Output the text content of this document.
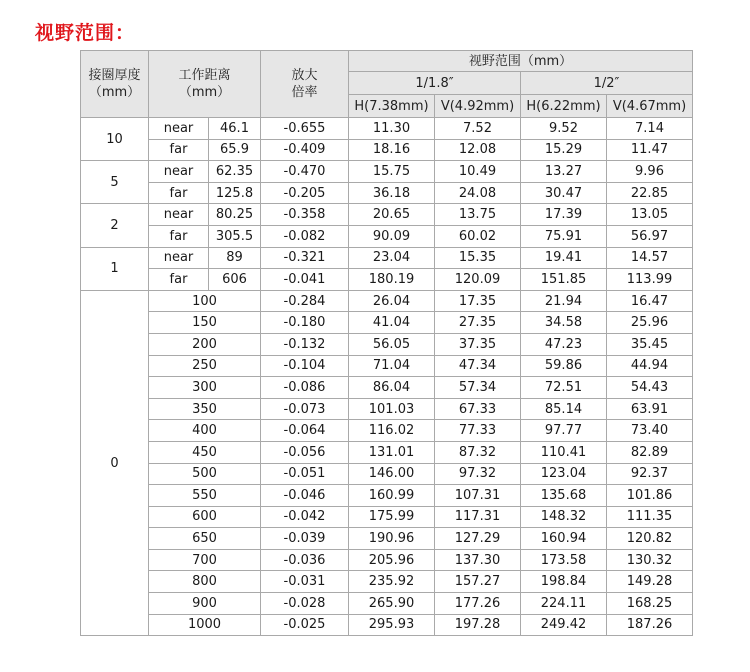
视野范围：
接圈厚度（mm）	工作距离（mm）		放大倍率	视野范围（mm）			
				1/1.8″		1/2″	
				H(7.38mm)	V(4.92mm)	H(6.22mm)	V(4.67mm)
10	near	46.1	-0.655	11.30	7.52	9.52	7.14
	far	65.9	-0.409	18.16	12.08	15.29	11.47
5	near	62.35	-0.470	15.75	10.49	13.27	9.96
	far	125.8	-0.205	36.18	24.08	30.47	22.85
2	near	80.25	-0.358	20.65	13.75	17.39	13.05
	far	305.5	-0.082	90.09	60.02	75.91	56.97
1	near	89	-0.321	23.04	15.35	19.41	14.57
	far	606	-0.041	180.19	120.09	151.85	113.99
0	100		-0.284	26.04	17.35	21.94	16.47
	150		-0.180	41.04	27.35	34.58	25.96
	200		-0.132	56.05	37.35	47.23	35.45
	250		-0.104	71.04	47.34	59.86	44.94
	300		-0.086	86.04	57.34	72.51	54.43
	350		-0.073	101.03	67.33	85.14	63.91
	400		-0.064	116.02	77.33	97.77	73.40
	450		-0.056	131.01	87.32	110.41	82.89
	500		-0.051	146.00	97.32	123.04	92.37
	550		-0.046	160.99	107.31	135.68	101.86
	600		-0.042	175.99	117.31	148.32	111.35
	650		-0.039	190.96	127.29	160.94	120.82
	700		-0.036	205.96	137.30	173.58	130.32
	800		-0.031	235.92	157.27	198.84	149.28
	900		-0.028	265.90	177.26	224.11	168.25
	1000		-0.025	295.93	197.28	249.42	187.26
